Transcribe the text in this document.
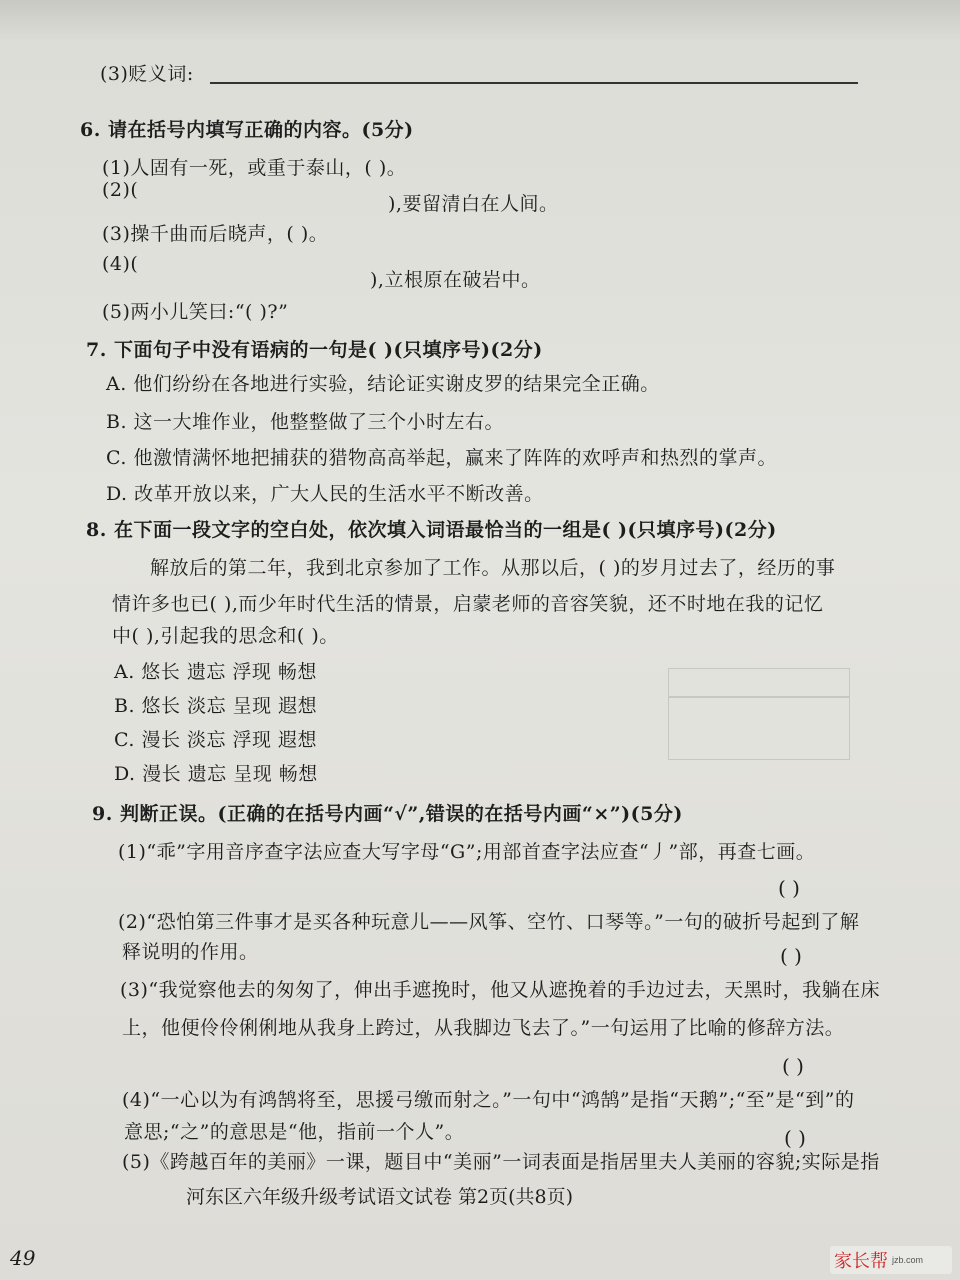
(3)贬义词:
6. 请在括号内填写正确的内容。(5分)
(1)人固有一死，或重于泰山，( )。
(2)(
),要留清白在人间。
(3)操千曲而后晓声，( )。
(4)(
),立根原在破岩中。
(5)两小儿笑曰:“( )?”
7. 下面句子中没有语病的一句是( )(只填序号)(2分)
A. 他们纷纷在各地进行实验，结论证实谢皮罗的结果完全正确。
B. 这一大堆作业，他整整做了三个小时左右。
C. 他激情满怀地把捕获的猎物高高举起，赢来了阵阵的欢呼声和热烈的掌声。
D. 改革开放以来，广大人民的生活水平不断改善。
8. 在下面一段文字的空白处，依次填入词语最恰当的一组是( )(只填序号)(2分)
解放后的第二年，我到北京参加了工作。从那以后，( )的岁月过去了，经历的事
情许多也已( ),而少年时代生活的情景，启蒙老师的音容笑貌，还不时地在我的记忆
中( ),引起我的思念和( )。
A. 悠长 遗忘 浮现 畅想
B. 悠长 淡忘 呈现 遐想
C. 漫长 淡忘 浮现 遐想
D. 漫长 遗忘 呈现 畅想
9. 判断正误。(正确的在括号内画“√”,错误的在括号内画“×”)(5分)
(1)“乖”字用音序查字法应查大写字母“G”;用部首查字法应查“丿”部，再查七画。
( )
(2)“恐怕第三件事才是买各种玩意儿——风筝、空竹、口琴等。”一句的破折号起到了解
释说明的作用。	( )
(3)“我觉察他去的匆匆了，伸出手遮挽时，他又从遮挽着的手边过去，天黑时，我躺在床
上，他便伶伶俐俐地从我身上跨过，从我脚边飞去了。”一句运用了比喻的修辞方法。
( )
(4)“一心以为有鸿鹄将至，思援弓缴而射之。”一句中“鸿鹄”是指“天鹅”;“至”是“到”的
意思;“之”的意思是“他，指前一个人”。	( )
(5)《跨越百年的美丽》一课，题目中“美丽”一词表面是指居里夫人美丽的容貌;实际是指
河东区六年级升级考试语文试卷 第2页(共8页)
49	家长帮 jzb.com
